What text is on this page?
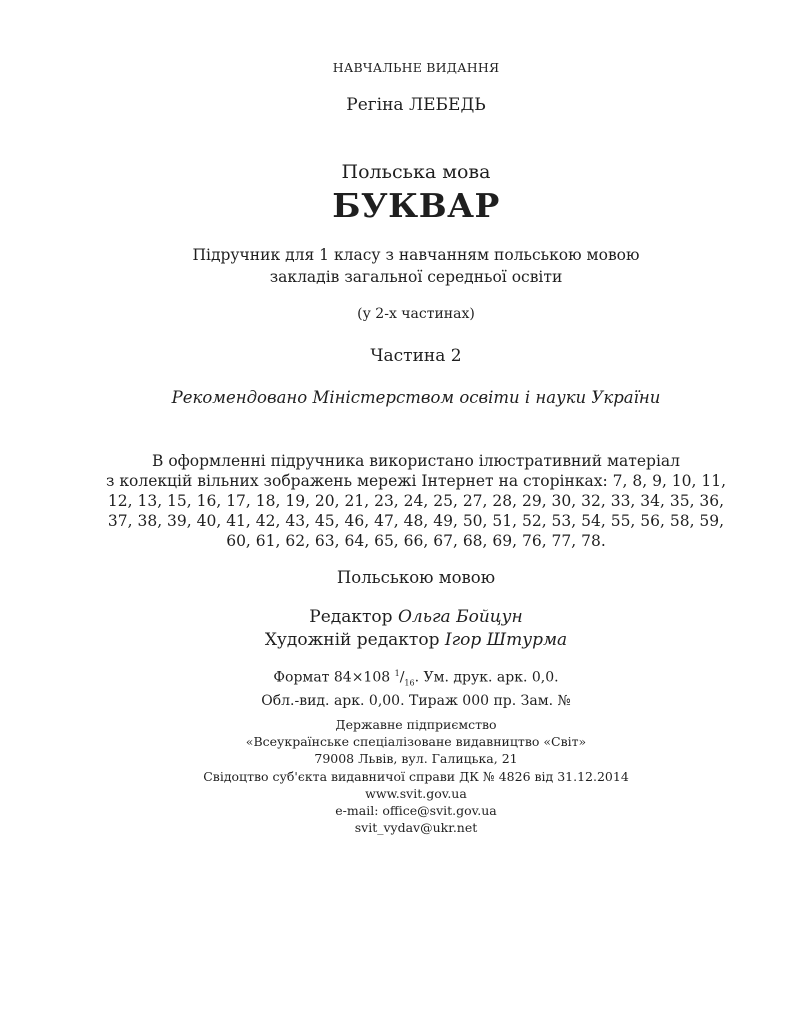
НАВЧАЛЬНЕ ВИДАННЯ
Регіна ЛЕБЕДЬ
Польська мова
БУКВАР
Підручник для 1 класу з навчанням польською мовою
закладів загальної середньої освіти
(у 2-х частинах)
Частина 2
Рекомендовано Міністерством освіти і науки України
В оформленні підручника використано ілюстративний матеріал
з колекцій вільних зображень мережі Інтернет на сторінках: 7, 8, 9, 10, 11,
12, 13, 15, 16, 17, 18, 19, 20, 21, 23, 24, 25, 27, 28, 29, 30, 32, 33, 34, 35, 36,
37, 38, 39, 40, 41, 42, 43, 45, 46, 47, 48, 49, 50, 51, 52, 53, 54, 55, 56, 58, 59,
60, 61, 62, 63, 64, 65, 66, 67, 68, 69, 76, 77, 78.
Польською мовою
Редактор Ольга Бойцун
Художній редактор Ігор Штурма
Формат 84×108 $^1/_{16}$. Ум. друк. арк. 0,0.
Обл.-вид. арк. 0,00. Тираж 000 пр. Зам. №
Державне підприємство
«Всеукраїнське спеціалізоване видавництво «Світ»
79008 Львів, вул. Галицька, 21
Свідоцтво суб'єкта видавничої справи ДК № 4826 від 31.12.2014
www.svit.gov.ua
e-mail: office@svit.gov.ua
svit_vydav@ukr.net
